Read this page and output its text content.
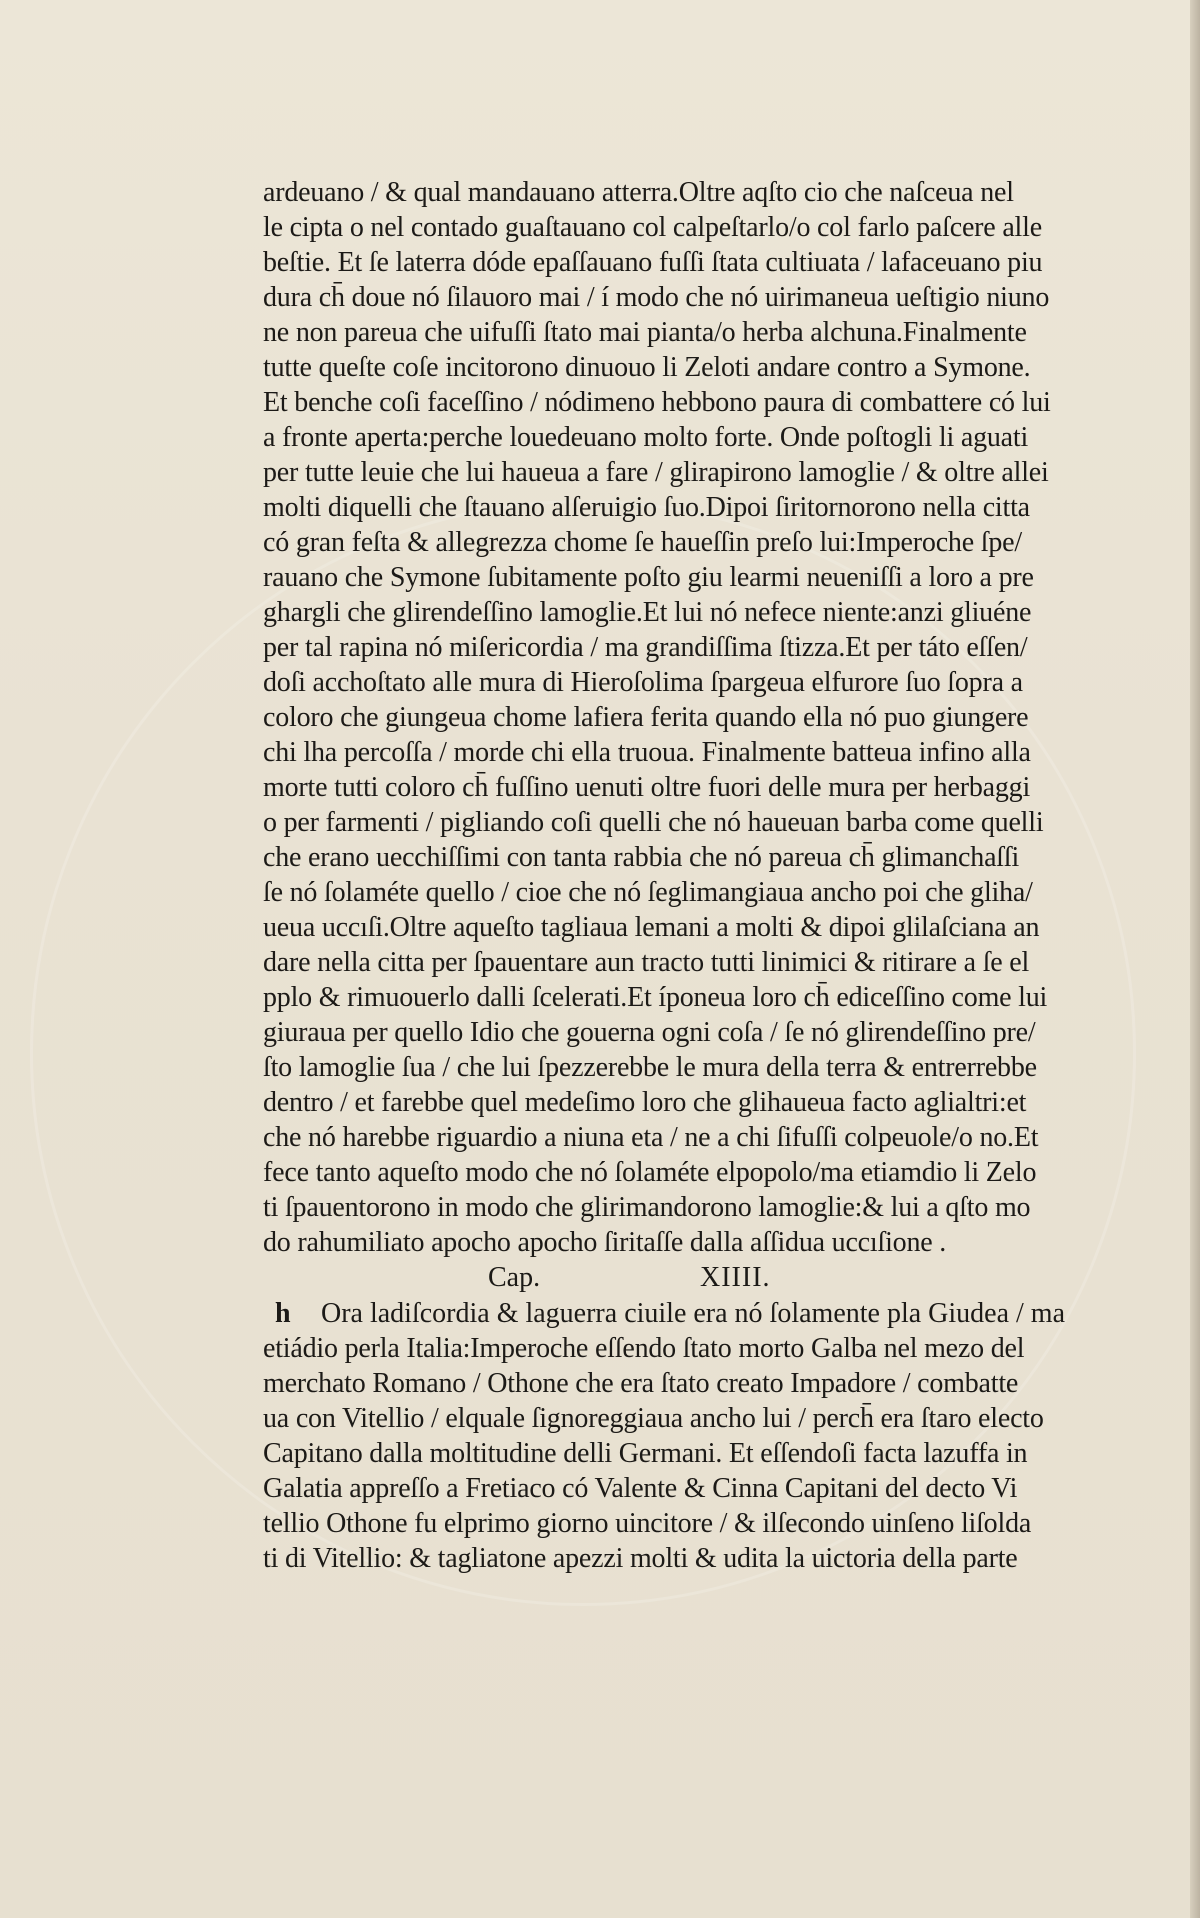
ardeuano / & qual mandauano atterra.Oltre aqſto cio che naſceua nel
le cipta o nel contado guaſtauano col calpeſtarlo/o col farlo paſcere alle
beſtie. Et ſe laterra dóde epaſſauano fuſſi ſtata cultiuata / lafaceuano piu
dura ch̄ doue nó ſilauoro mai / í modo che nó uirimaneua ueſtigio niuno
ne non pareua che uifuſſi ſtato mai pianta/o herba alchuna.Finalmente
tutte queſte coſe incitorono dinuouo li Zeloti andare contro a Symone.
Et benche coſi faceſſino / nódimeno hebbono paura di combattere có lui
a fronte aperta:perche louedeuano molto forte. Onde poſtogli li aguati
per tutte leuie che lui haueua a fare / glirapirono lamoglie / & oltre allei
molti diquelli che ſtauano alſeruigio ſuo.Dipoi ſiritornorono nella citta
có gran feſta & allegrezza chome ſe haueſſin preſo lui:Imperoche ſpe/
rauano che Symone ſubitamente poſto giu learmi neueniſſi a loro a pre
ghargli che glirendeſſino lamoglie.Et lui nó nefece niente:anzi gliuéne
per tal rapina nó miſericordia / ma grandiſſima ſtizza.Et per táto eſſen/
doſi acchoſtato alle mura di Hieroſolima ſpargeua elfurore ſuo ſopra a
coloro che giungeua chome lafiera ferita quando ella nó puo giungere
chi lha percoſſa / morde chi ella truoua. Finalmente batteua infino alla
morte tutti coloro ch̄ fuſſino uenuti oltre fuori delle mura per herbaggi
o per farmenti / pigliando coſi quelli che nó haueuan barba come quelli
che erano uecchiſſimi con tanta rabbia che nó pareua ch̄ glimanchaſſi
ſe nó ſolaméte quello / cioe che nó ſeglimangiaua ancho poi che gliha/
ueua uccıſi.Oltre aqueſto tagliaua lemani a molti & dipoi glilaſciana an
dare nella citta per ſpauentare aun tracto tutti linimici & ritirare a ſe el
pplo & rimuouerlo dalli ſcelerati.Et íponeua loro ch̄ ediceſſino come lui
giuraua per quello Idio che gouerna ogni coſa / ſe nó glirendeſſino pre/
ſto lamoglie ſua / che lui ſpezzerebbe le mura della terra & entrerrebbe
dentro / et farebbe quel medeſimo loro che glihaueua facto aglialtri:et
che nó harebbe riguardio a niuna eta / ne a chi ſifuſſi colpeuole/o no.Et
fece tanto aqueſto modo che nó ſolaméte elpopolo/ma etiamdio li Zelo
ti ſpauentorono in modo che glirimandorono lamoglie:& lui a qſto mo
do rahumiliato apocho apocho ſiritaſſe dalla aſſidua uccıſione .
Cap.	XIIII.
h Ora ladiſcordia & laguerra ciuile era nó ſolamente pla Giudea / ma
etiádio perla Italia:Imperoche eſſendo ſtato morto Galba nel mezo del
merchato Romano / Othone che era ſtato creato Impadore / combatte
ua con Vitellio / elquale ſignoreggiaua ancho lui / perch̄ era ſtaro electo
Capitano dalla moltitudine delli Germani. Et eſſendoſi facta lazuffa in
Galatia appreſſo a Fretiaco có Valente & Cinna Capitani del decto Vi
tellio Othone fu elprimo giorno uincitore / & ilſecondo uinſeno liſolda
ti di Vitellio: & tagliatone apezzi molti & udita la uictoria della parte
